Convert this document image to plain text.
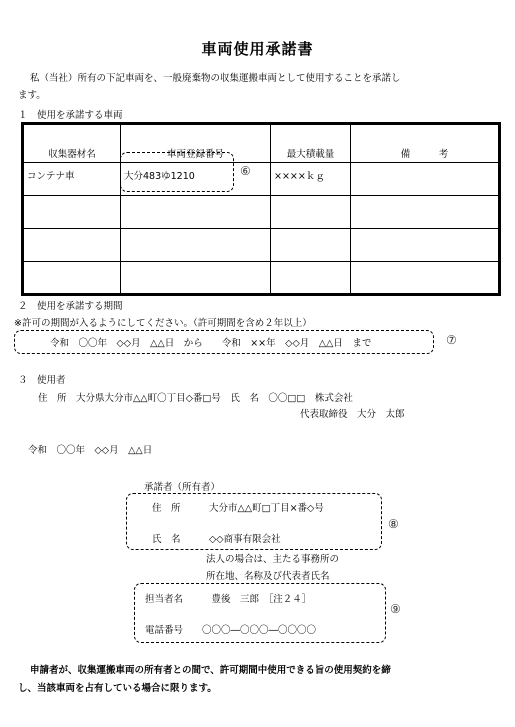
車両使用承諾書
私（当社）所有の下記車両を、一般廃棄物の収集運搬車両として使用することを承諾し
ます。
１　使用を承諾する車両
収集器材名	車両登録番号	最大積載量	備　　　考
コンテナ車	大分483ゆ1210	××××ｋｇ	

⑥
２　使用を承諾する期間
※許可の期間が入るようにしてください。（許可期間を含め２年以上）
令和　〇〇年　◇◇月　△△日　から　　令和　××年　◇◇月　△△日　まで	⑦
３　使用者
住　所　大分県大分市△△町〇丁目◇番□号　氏　名　〇〇□□　株式会社
代表取締役　大分　太郎
令和　〇〇年　◇◇月　△△日
承諾者（所有者）
住　所　　　大分市△△町□丁目×番◇号
氏　名　　　◇◇商事有限会社
⑧
法人の場合は、主たる事務所の
所在地、名称及び代表者氏名
担当者名　　　豊後　三郎　［注２４］
電話番号　　〇〇〇―〇〇〇―〇〇〇〇
⑨
申請者が、収集運搬車両の所有者との間で、許可期間中使用できる旨の使用契約を締
し、当該車両を占有している場合に限ります。
